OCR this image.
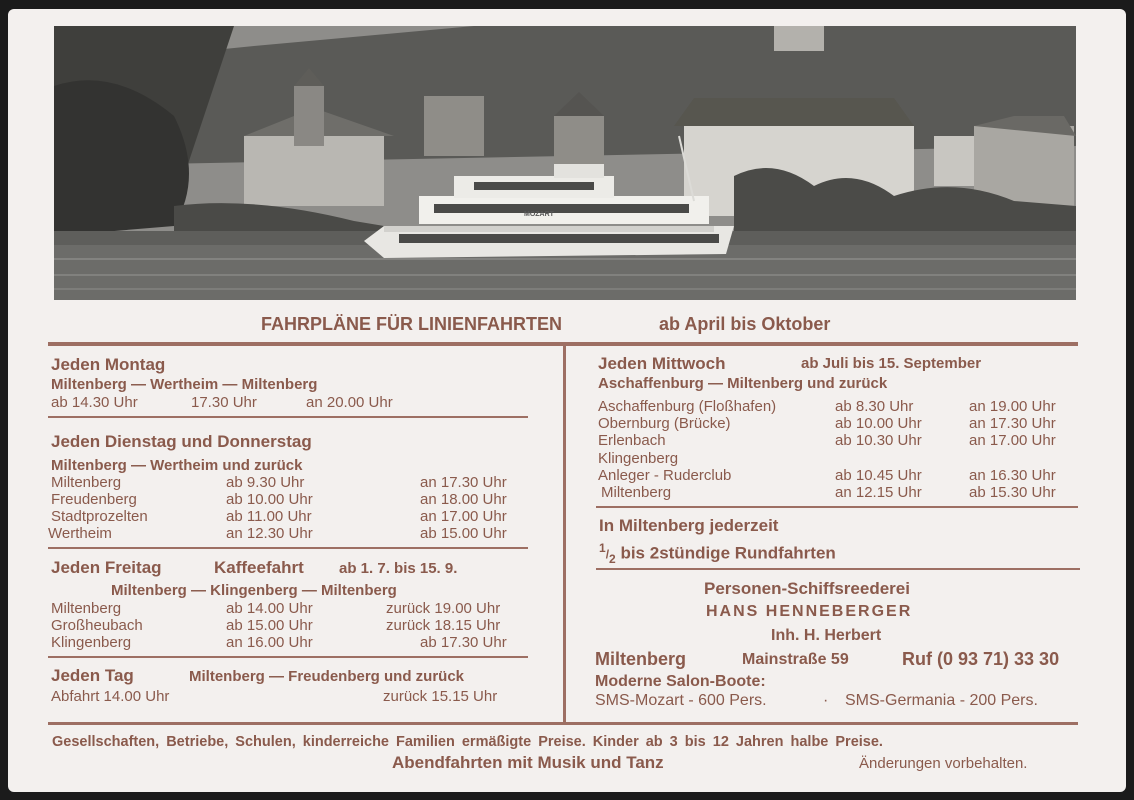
MOZART
FAHRPLÄNE FÜR LINIENFAHRTEN	ab April bis Oktober
Jeden Montag
Miltenberg — Wertheim — Miltenberg
ab 14.30 Uhr	17.30 Uhr	an 20.00 Uhr
Jeden Dienstag und Donnerstag
Miltenberg — Wertheim und zurück
Miltenberg	ab 9.30 Uhr	an 17.30 Uhr
Freudenberg	ab 10.00 Uhr	an 18.00 Uhr
Stadtprozelten	ab 11.00 Uhr	an 17.00 Uhr
Wertheim	an 12.30 Uhr	ab 15.00 Uhr
Jeden Freitag	Kaffeefahrt ab 1. 7. bis 15. 9.
Miltenberg — Klingenberg — Miltenberg
Miltenberg	ab 14.00 Uhr	zurück 19.00 Uhr
Großheubach	ab 15.00 Uhr	zurück 18.15 Uhr
Klingenberg	an 16.00 Uhr	ab 17.30 Uhr
Jeden Tag	Miltenberg — Freudenberg und zurück
Abfahrt 14.00 Uhr	zurück 15.15 Uhr
Jeden Mittwoch	ab Juli bis 15. September
Aschaffenburg — Miltenberg und zurück
Aschaffenburg (Floßhafen)	ab 8.30 Uhr	an 19.00 Uhr
Obernburg (Brücke)	ab 10.00 Uhr	an 17.30 Uhr
Erlenbach	ab 10.30 Uhr	an 17.00 Uhr
Klingenberg
Anleger - Ruderclub	ab 10.45 Uhr	an 16.30 Uhr
Miltenberg	an 12.15 Uhr	ab 15.30 Uhr
In Miltenberg jederzeit
$^1/_2$ bis 2stündige Rundfahrten
Personen-Schiffsreederei
HANS HENNEBERGER
Inh. H. Herbert
Miltenberg	Mainstraße 59	Ruf (0 93 71) 33 30
Moderne Salon-Boote:
SMS-Mozart - 600 Pers.	· SMS-Germania - 200 Pers.
Gesellschaften, Betriebe, Schulen, kinderreiche Familien ermäßigte Preise. Kinder ab 3 bis 12 Jahren halbe Preise.
Abendfahrten mit Musik und Tanz	Änderungen vorbehalten.
